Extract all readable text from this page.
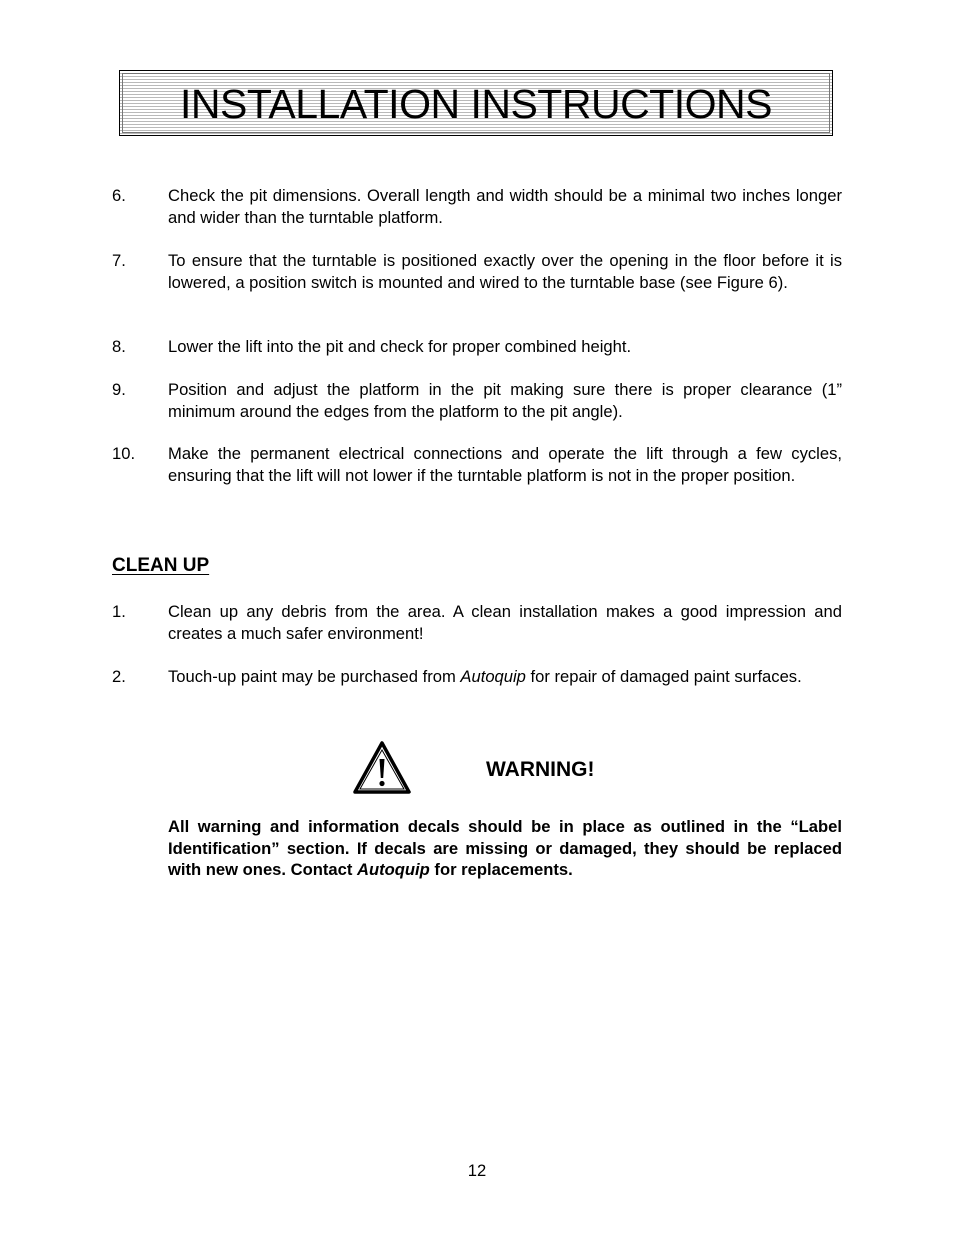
INSTALLATION INSTRUCTIONS
6.	Check the pit dimensions. Overall length and width should be a minimal two inches longer and wider than the turntable platform.
7.	To ensure that the turntable is positioned exactly over the opening in the floor before it is lowered, a position switch is mounted and wired to the turntable base (see Figure 6).
8.	Lower the lift into the pit and check for proper combined height.
9.	Position and adjust the platform in the pit making sure there is proper clearance (1” minimum around the edges from the platform to the pit angle).
10.	Make the permanent electrical connections and operate the lift through a few cycles, ensuring that the lift will not lower if the turntable platform is not in the proper position.
CLEAN UP
1.	Clean up any debris from the area. A clean installation makes a good impression and creates a much safer environment!
2.	Touch-up paint may be purchased from Autoquip for repair of damaged paint surfaces.
WARNING!
All warning and information decals should be in place as outlined in the “Label Identification” section. If decals are missing or damaged, they should be replaced with new ones. Contact Autoquip for replacements.
12
